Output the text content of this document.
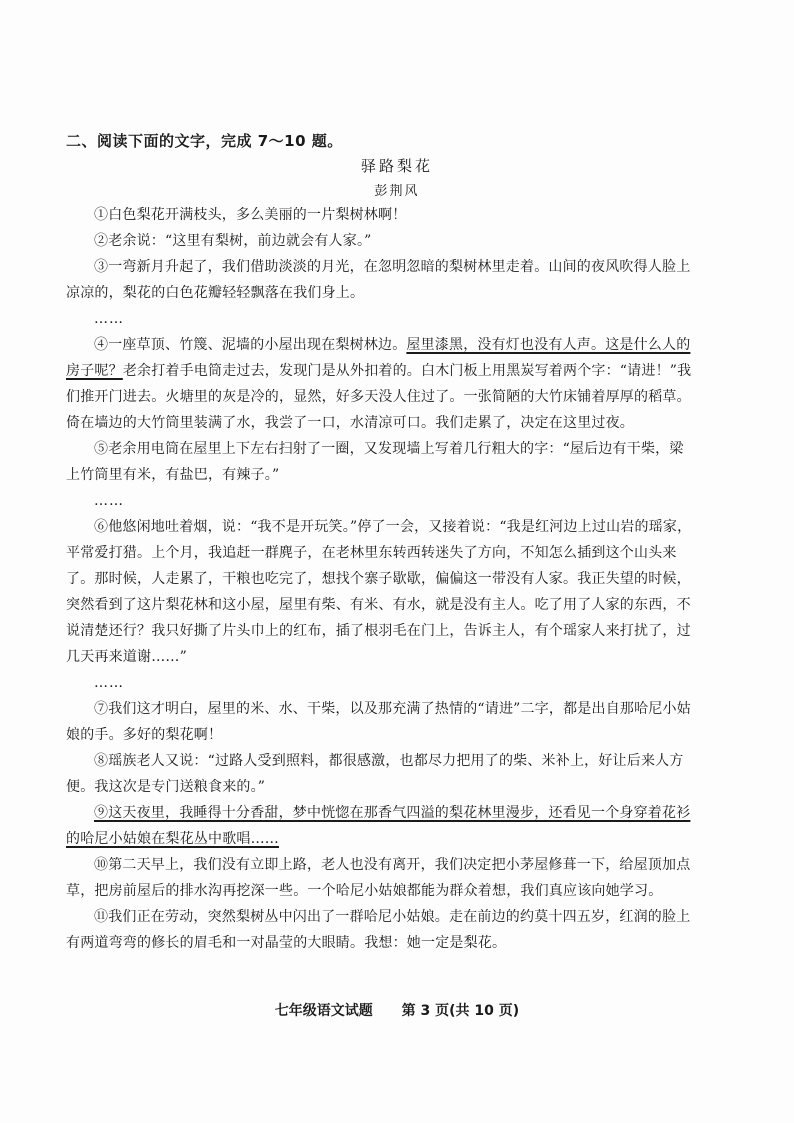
二、阅读下面的文字，完成 7～10 题。
驿路梨花
彭荆风

①白色梨花开满枝头，多么美丽的一片梨树林啊！

②老余说：“这里有梨树，前边就会有人家。”

③一弯新月升起了，我们借助淡淡的月光，在忽明忽暗的梨树林里走着。山间的夜风吹得人脸上凉凉的，梨花的白色花瓣轻轻飘落在我们身上。

……

④一座草顶、竹篾、泥墙的小屋出现在梨树林边。屋里漆黑，没有灯也没有人声。这是什么人的房子呢？老余打着手电筒走过去，发现门是从外扣着的。白木门板上用黑炭写着两个字：“请进！”我们推开门进去。火塘里的灰是冷的，显然，好多天没人住过了。一张简陋的大竹床铺着厚厚的稻草。倚在墙边的大竹筒里装满了水，我尝了一口，水清凉可口。我们走累了，决定在这里过夜。

⑤老余用电筒在屋里上下左右扫射了一圈，又发现墙上写着几行粗大的字：“屋后边有干柴，梁上竹筒里有米，有盐巴，有辣子。”

……

⑥他悠闲地吐着烟，说：“我不是开玩笑。”停了一会，又接着说：“我是红河边上过山岩的瑶家，平常爱打猎。上个月，我追赶一群麂子，在老林里东转西转迷失了方向，不知怎么插到这个山头来了。那时候，人走累了，干粮也吃完了，想找个寨子歇歇，偏偏这一带没有人家。我正失望的时候，突然看到了这片梨花林和这小屋，屋里有柴、有米、有水，就是没有主人。吃了用了人家的东西，不说清楚还行？我只好撕了片头巾上的红布，插了根羽毛在门上，告诉主人，有个瑶家人来打扰了，过几天再来道谢……”

……

⑦我们这才明白，屋里的米、水、干柴，以及那充满了热情的“请进”二字，都是出自那哈尼小姑娘的手。多好的梨花啊！

⑧瑶族老人又说：“过路人受到照料，都很感激，也都尽力把用了的柴、米补上，好让后来人方便。我这次是专门送粮食来的。”

⑨这天夜里，我睡得十分香甜，梦中恍惚在那香气四溢的梨花林里漫步，还看见一个身穿着花衫的哈尼小姑娘在梨花丛中歌唱……

⑩第二天早上，我们没有立即上路，老人也没有离开，我们决定把小茅屋修葺一下，给屋顶加点草，把房前屋后的排水沟再挖深一些。一个哈尼小姑娘都能为群众着想，我们真应该向她学习。

⑪我们正在劳动，突然梨树丛中闪出了一群哈尼小姑娘。走在前边的约莫十四五岁，红润的脸上有两道弯弯的修长的眉毛和一对晶莹的大眼睛。我想：她一定是梨花。

七年级语文试题 第 3 页(共 10 页)
